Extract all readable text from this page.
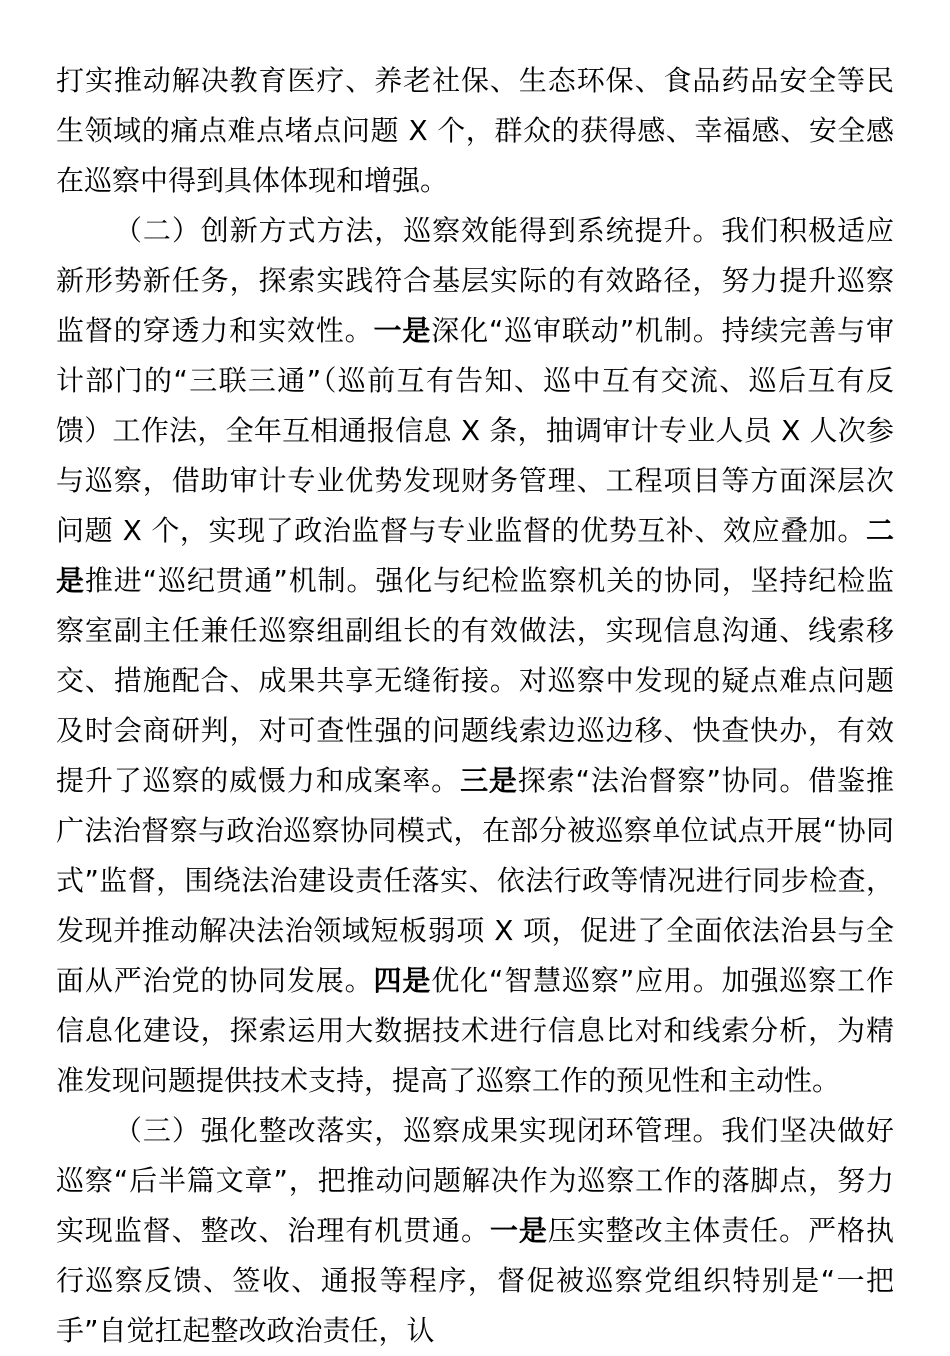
打实推动解决教育医疗、养老社保、生态环保、食品药品安全等民生领域的痛点难点堵点问题 X 个，群众的获得感、幸福感、安全感在巡察中得到具体体现和增强。

（二）创新方式方法，巡察效能得到系统提升。我们积极适应新形势新任务，探索实践符合基层实际的有效路径，努力提升巡察监督的穿透力和实效性。一是深化“巡审联动”机制。持续完善与审计部门的“三联三通”（巡前互有告知、巡中互有交流、巡后互有反馈）工作法，全年互相通报信息 X 条，抽调审计专业人员 X 人次参与巡察，借助审计专业优势发现财务管理、工程项目等方面深层次问题 X 个，实现了政治监督与专业监督的优势互补、效应叠加。二是推进“巡纪贯通”机制。强化与纪检监察机关的协同，坚持纪检监察室副主任兼任巡察组副组长的有效做法，实现信息沟通、线索移交、措施配合、成果共享无缝衔接。对巡察中发现的疑点难点问题及时会商研判，对可查性强的问题线索边巡边移、快查快办，有效提升了巡察的威慑力和成案率。三是探索“法治督察”协同。借鉴推广法治督察与政治巡察协同模式，在部分被巡察单位试点开展“协同式”监督，围绕法治建设责任落实、依法行政等情况进行同步检查，发现并推动解决法治领域短板弱项 X 项，促进了全面依法治县与全面从严治党的协同发展。四是优化“智慧巡察”应用。加强巡察工作信息化建设，探索运用大数据技术进行信息比对和线索分析，为精准发现问题提供技术支持，提高了巡察工作的预见性和主动性。

（三）强化整改落实，巡察成果实现闭环管理。我们坚决做好巡察“后半篇文章”，把推动问题解决作为巡察工作的落脚点，努力实现监督、整改、治理有机贯通。一是压实整改主体责任。严格执行巡察反馈、签收、通报等程序，督促被巡察党组织特别是“一把手”自觉扛起整改政治责任，认
